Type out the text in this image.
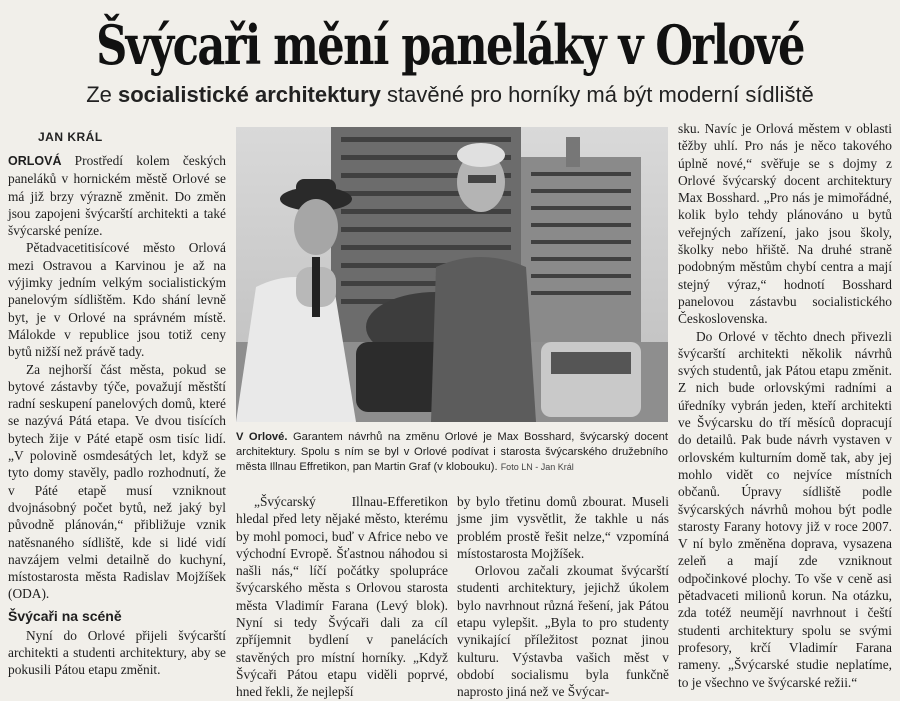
Švýcaři mění paneláky v Orlové
Ze socialistické architektury stavěné pro horníky má být moderní sídliště
JAN KRÁL

ORLOVÁ Prostředí kolem českých paneláků v hornickém městě Orlové se má již brzy výrazně změnit. Do změn jsou zapojeni švýcarští architekti a také švýcarské peníze.

Pětadvacetitisícové město Orlová mezi Ostravou a Karvinou je až na výjimky jedním velkým socialistickým panelovým sídlištěm. Kdo shání levně byt, je v Orlové na správném místě. Málokde v republice jsou totiž ceny bytů nižší než právě tady.

Za nejhorší část města, pokud se bytové zástavby týče, považují městští radní seskupení panelových domů, které se nazývá Pátá etapa. Ve dvou tisících bytech žije v Páté etapě osm tisíc lidí. „V polovině osmdesátých let, když se tyto domy stavěly, padlo rozhodnutí, že v Páté etapě musí vzniknout dvojnásobný počet bytů, než jaký byl původně plánován,“ přibližuje vznik natěsnaného sídliště, kde si lidé vidí navzájem velmi detailně do kuchyní, místostarosta města Radislav Mojžíšek (ODA).

Švýcaři na scéně

Nyní do Orlové přijeli švýcarští architekti a studenti architektury, aby se pokusili Pátou etapu změnit.

V Orlové. Garantem návrhů na změnu Orlové je Max Bosshard, švýcarský docent architektury. Spolu s ním se byl v Orlové podívat i starosta švýcarského družebního města Illnau Effretikon, pan Martin Graf (v klobouku). Foto LN - Jan Král

„Švýcarský Illnau-Efferetikon hledal před lety nějaké město, kterému by mohl pomoci, buď v Africe nebo ve východní Evropě. Šťastnou náhodou si našli nás,“ líčí počátky spolupráce švýcarského města s Orlovou starosta města Vladimír Farana (Levý blok). Nyní si tedy Švýcaři dali za cíl zpříjemnit bydlení v panelácích stavěných pro místní horníky. „Když Švýcaři Pátou etapu viděli poprvé, hned řekli, že nejlepší

by bylo třetinu domů zbourat. Museli jsme jim vysvětlit, že takhle u nás problém prostě řešit nelze,“ vzpomíná místostarosta Mojžíšek.

Orlovou začali zkoumat švýcarští studenti architektury, jejichž úkolem bylo navrhnout různá řešení, jak Pátou etapu vylepšit. „Byla to pro studenty vynikající příležitost poznat jinou kulturu. Výstavba vašich měst v období socialismu byla funkčně naprosto jiná než ve Švýcar-

sku. Navíc je Orlová městem v oblasti těžby uhlí. Pro nás je něco takového úplně nové,“ svěřuje se s dojmy z Orlové švýcarský docent architektury Max Bosshard. „Pro nás je mimořádné, kolik bylo tehdy plánováno u bytů veřejných zařízení, jako jsou školy, školky nebo hřiště. Na druhé straně podobným městům chybí centra a mají stejný výraz,“ hodnotí Bosshard panelovou zástavbu socialistického Československa.

Do Orlové v těchto dnech přivezli švýcarští architekti několik návrhů svých studentů, jak Pátou etapu změnit. Z nich bude orlovskými radními a úředníky vybrán jeden, kteří architekti ve Švýcarsku do tří měsíců dopracují do detailů. Pak bude návrh vystaven v orlovském kulturním domě tak, aby jej mohlo vidět co nejvíce místních občanů. Úpravy sídliště podle švýcarských návrhů mohou být podle starosty Farany hotovy již v roce 2007. V ní bylo změněna doprava, vysazena zeleň a mají zde vzniknout odpočinkové plochy. To vše v ceně asi pětadvaceti milionů korun. Na otázku, zda totéž neumějí navrhnout i čeští studenti architektury spolu se svými profesory, krčí Vladimír Farana rameny. „Švýcarské studie neplatíme, to je všechno ve švýcarské režii.“
